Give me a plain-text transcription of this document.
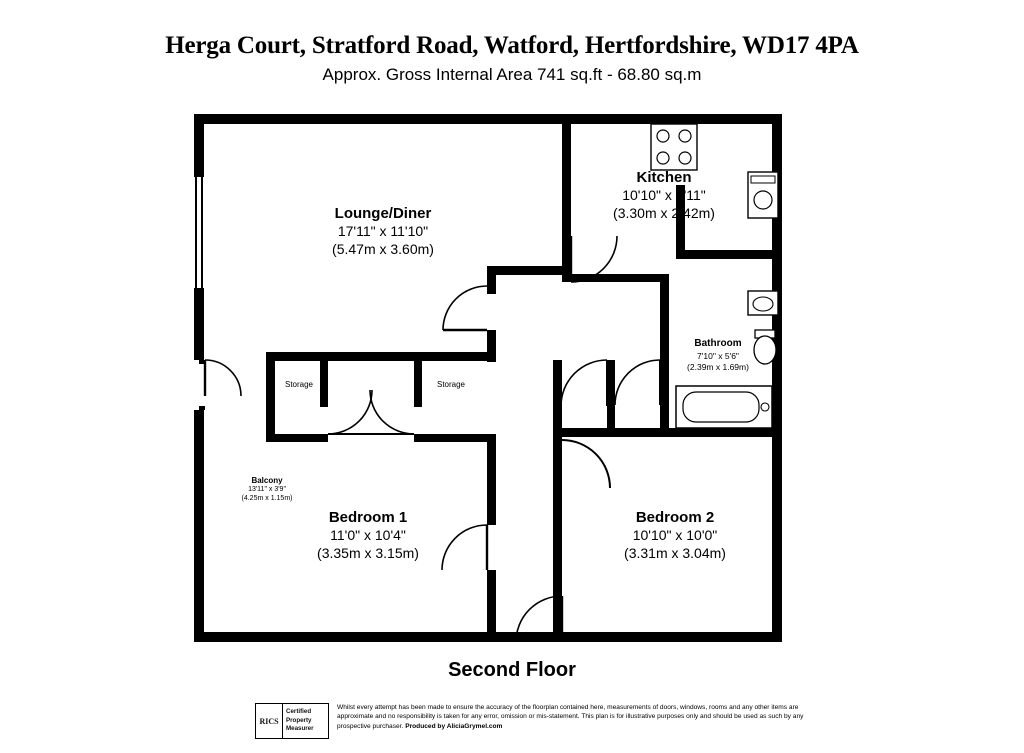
Herga Court, Stratford Road, Watford, Hertfordshire, WD17 4PA
Approx. Gross Internal Area 741 sq.ft - 68.80 sq.m
Lounge/Diner
17'11" x 11'10"
(5.47m x 3.60m)
Kitchen
10'10" x 7'11"
(3.30m x 2.42m)
Bathroom
7'10" x 5'6"
(2.39m x 1.69m)
Bedroom 1
11'0" x 10'4"
(3.35m x 3.15m)
Bedroom 2
10'10" x 10'0"
(3.31m x 3.04m)
Balcony
13'11" x 3'9"
(4.25m x 1.15m)
Storage	Storage
Second Floor
RICS
Certified
Property
Measurer
Whilst every attempt has been made to ensure the accuracy of the floorplan contained here, measurements of doors, windows, rooms and any other items are approximate and no responsibility is taken for any error, omission or mis-statement. This plan is for illustrative purposes only and should be used as such by any prospective purchaser. Produced by AliciaGrymel.com
